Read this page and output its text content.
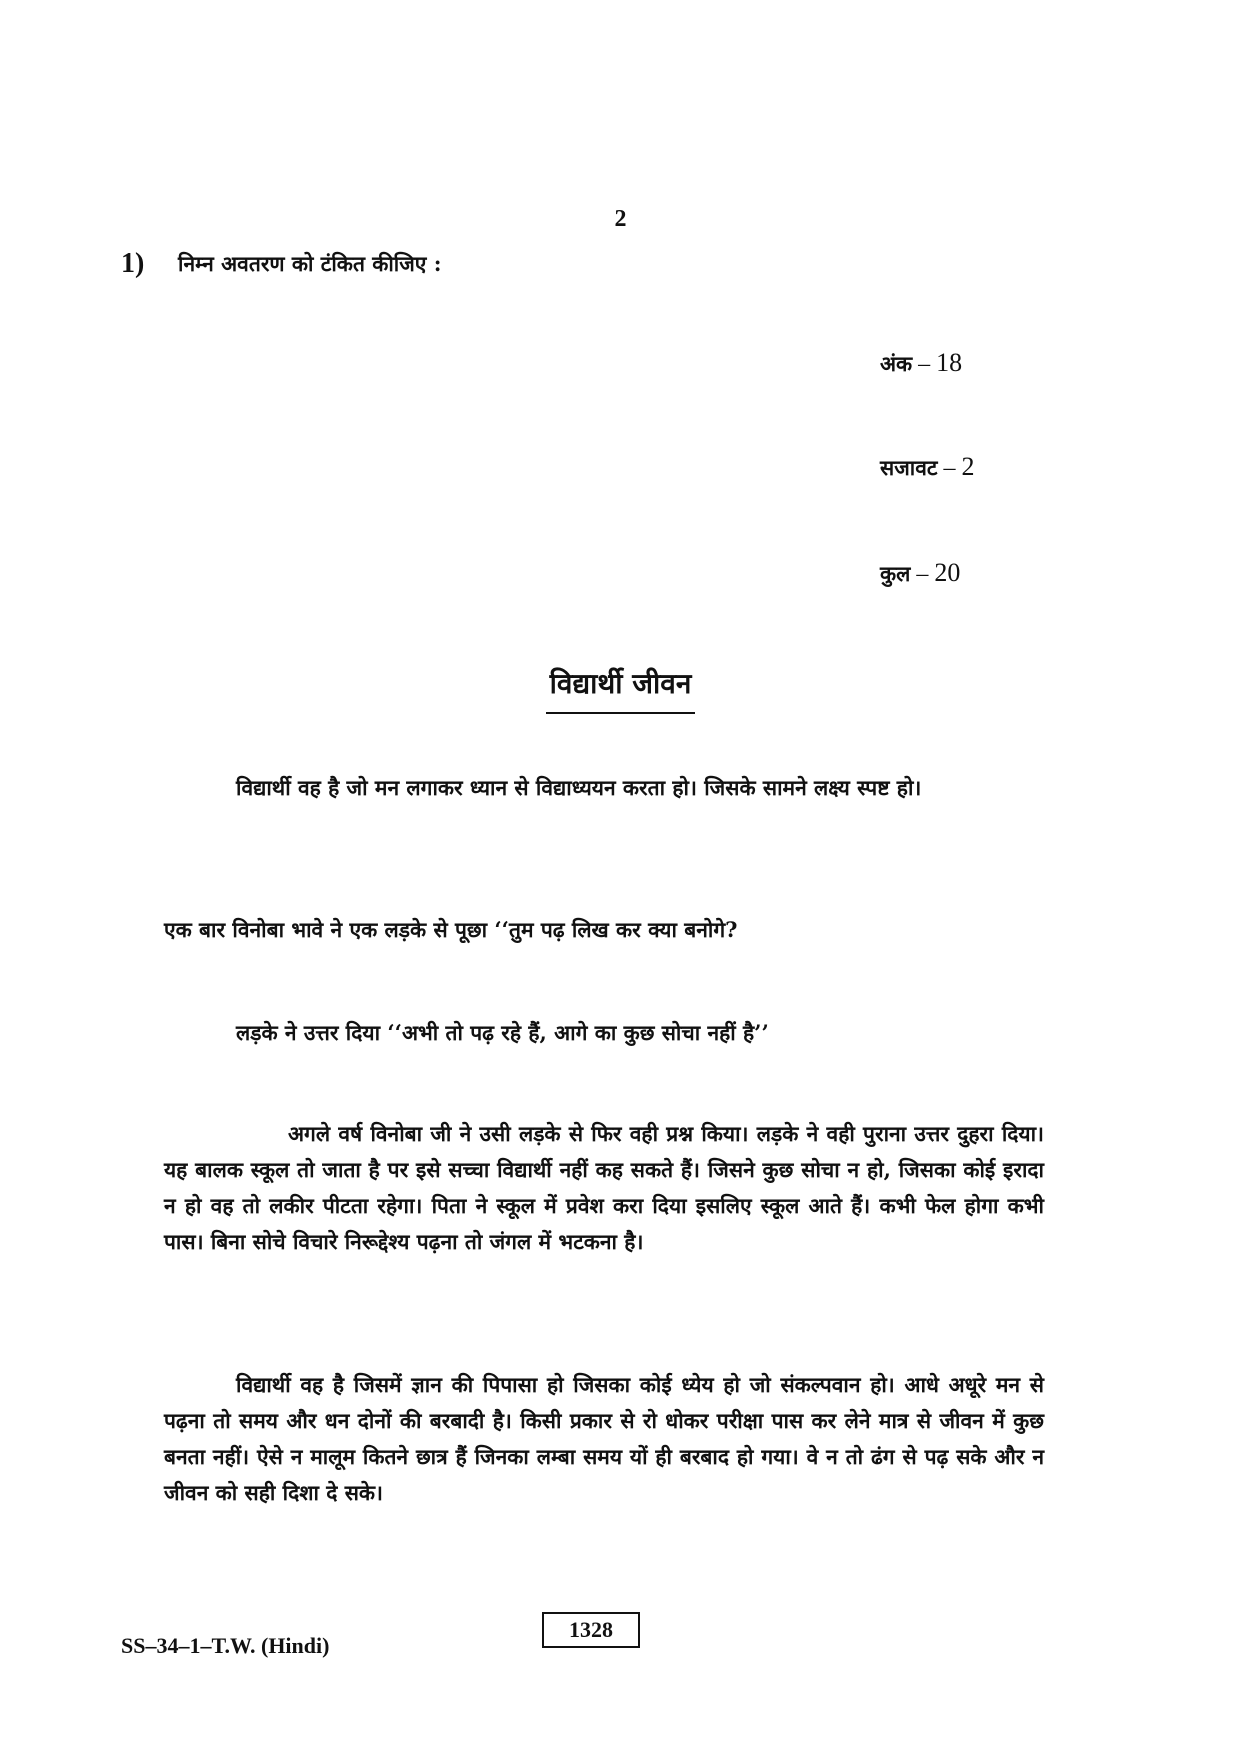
2
1) निम्न अवतरण को टंकित कीजिए :
अंक – 18
सजावट – 2
कुल – 20
विद्यार्थी जीवन
विद्यार्थी वह है जो मन लगाकर ध्यान से विद्याध्ययन करता हो। जिसके सामने लक्ष्य स्पष्ट हो।
एक बार विनोबा भावे ने एक लड़के से पूछा ‘‘तुम पढ़ लिख कर क्या बनोगे?
लड़के ने उत्तर दिया ‘‘अभी तो पढ़ रहे हैं, आगे का कुछ सोचा नहीं है’’
अगले वर्ष विनोबा जी ने उसी लड़के से फिर वही प्रश्न किया। लड़के ने वही पुराना उत्तर दुहरा दिया। यह बालक स्कूल तो जाता है पर इसे सच्चा विद्यार्थी नहीं कह सकते हैं। जिसने कुछ सोचा न हो, जिसका कोई इरादा न हो वह तो लकीर पीटता रहेगा। पिता ने स्कूल में प्रवेश करा दिया इसलिए स्कूल आते हैं। कभी फेल होगा कभी पास। बिना सोचे विचारे निरूद्देश्य पढ़ना तो जंगल में भटकना है।
विद्यार्थी वह है जिसमें ज्ञान की पिपासा हो जिसका कोई ध्येय हो जो संकल्पवान हो। आधे अधूरे मन से पढ़ना तो समय और धन दोनों की बरबादी है। किसी प्रकार से रो धोकर परीक्षा पास कर लेने मात्र से जीवन में कुछ बनता नहीं। ऐसे न मालूम कितने छात्र हैं जिनका लम्बा समय यों ही बरबाद हो गया। वे न तो ढंग से पढ़ सके और न जीवन को सही दिशा दे सके।
SS–34–1–T.W. (Hindi)
1328
